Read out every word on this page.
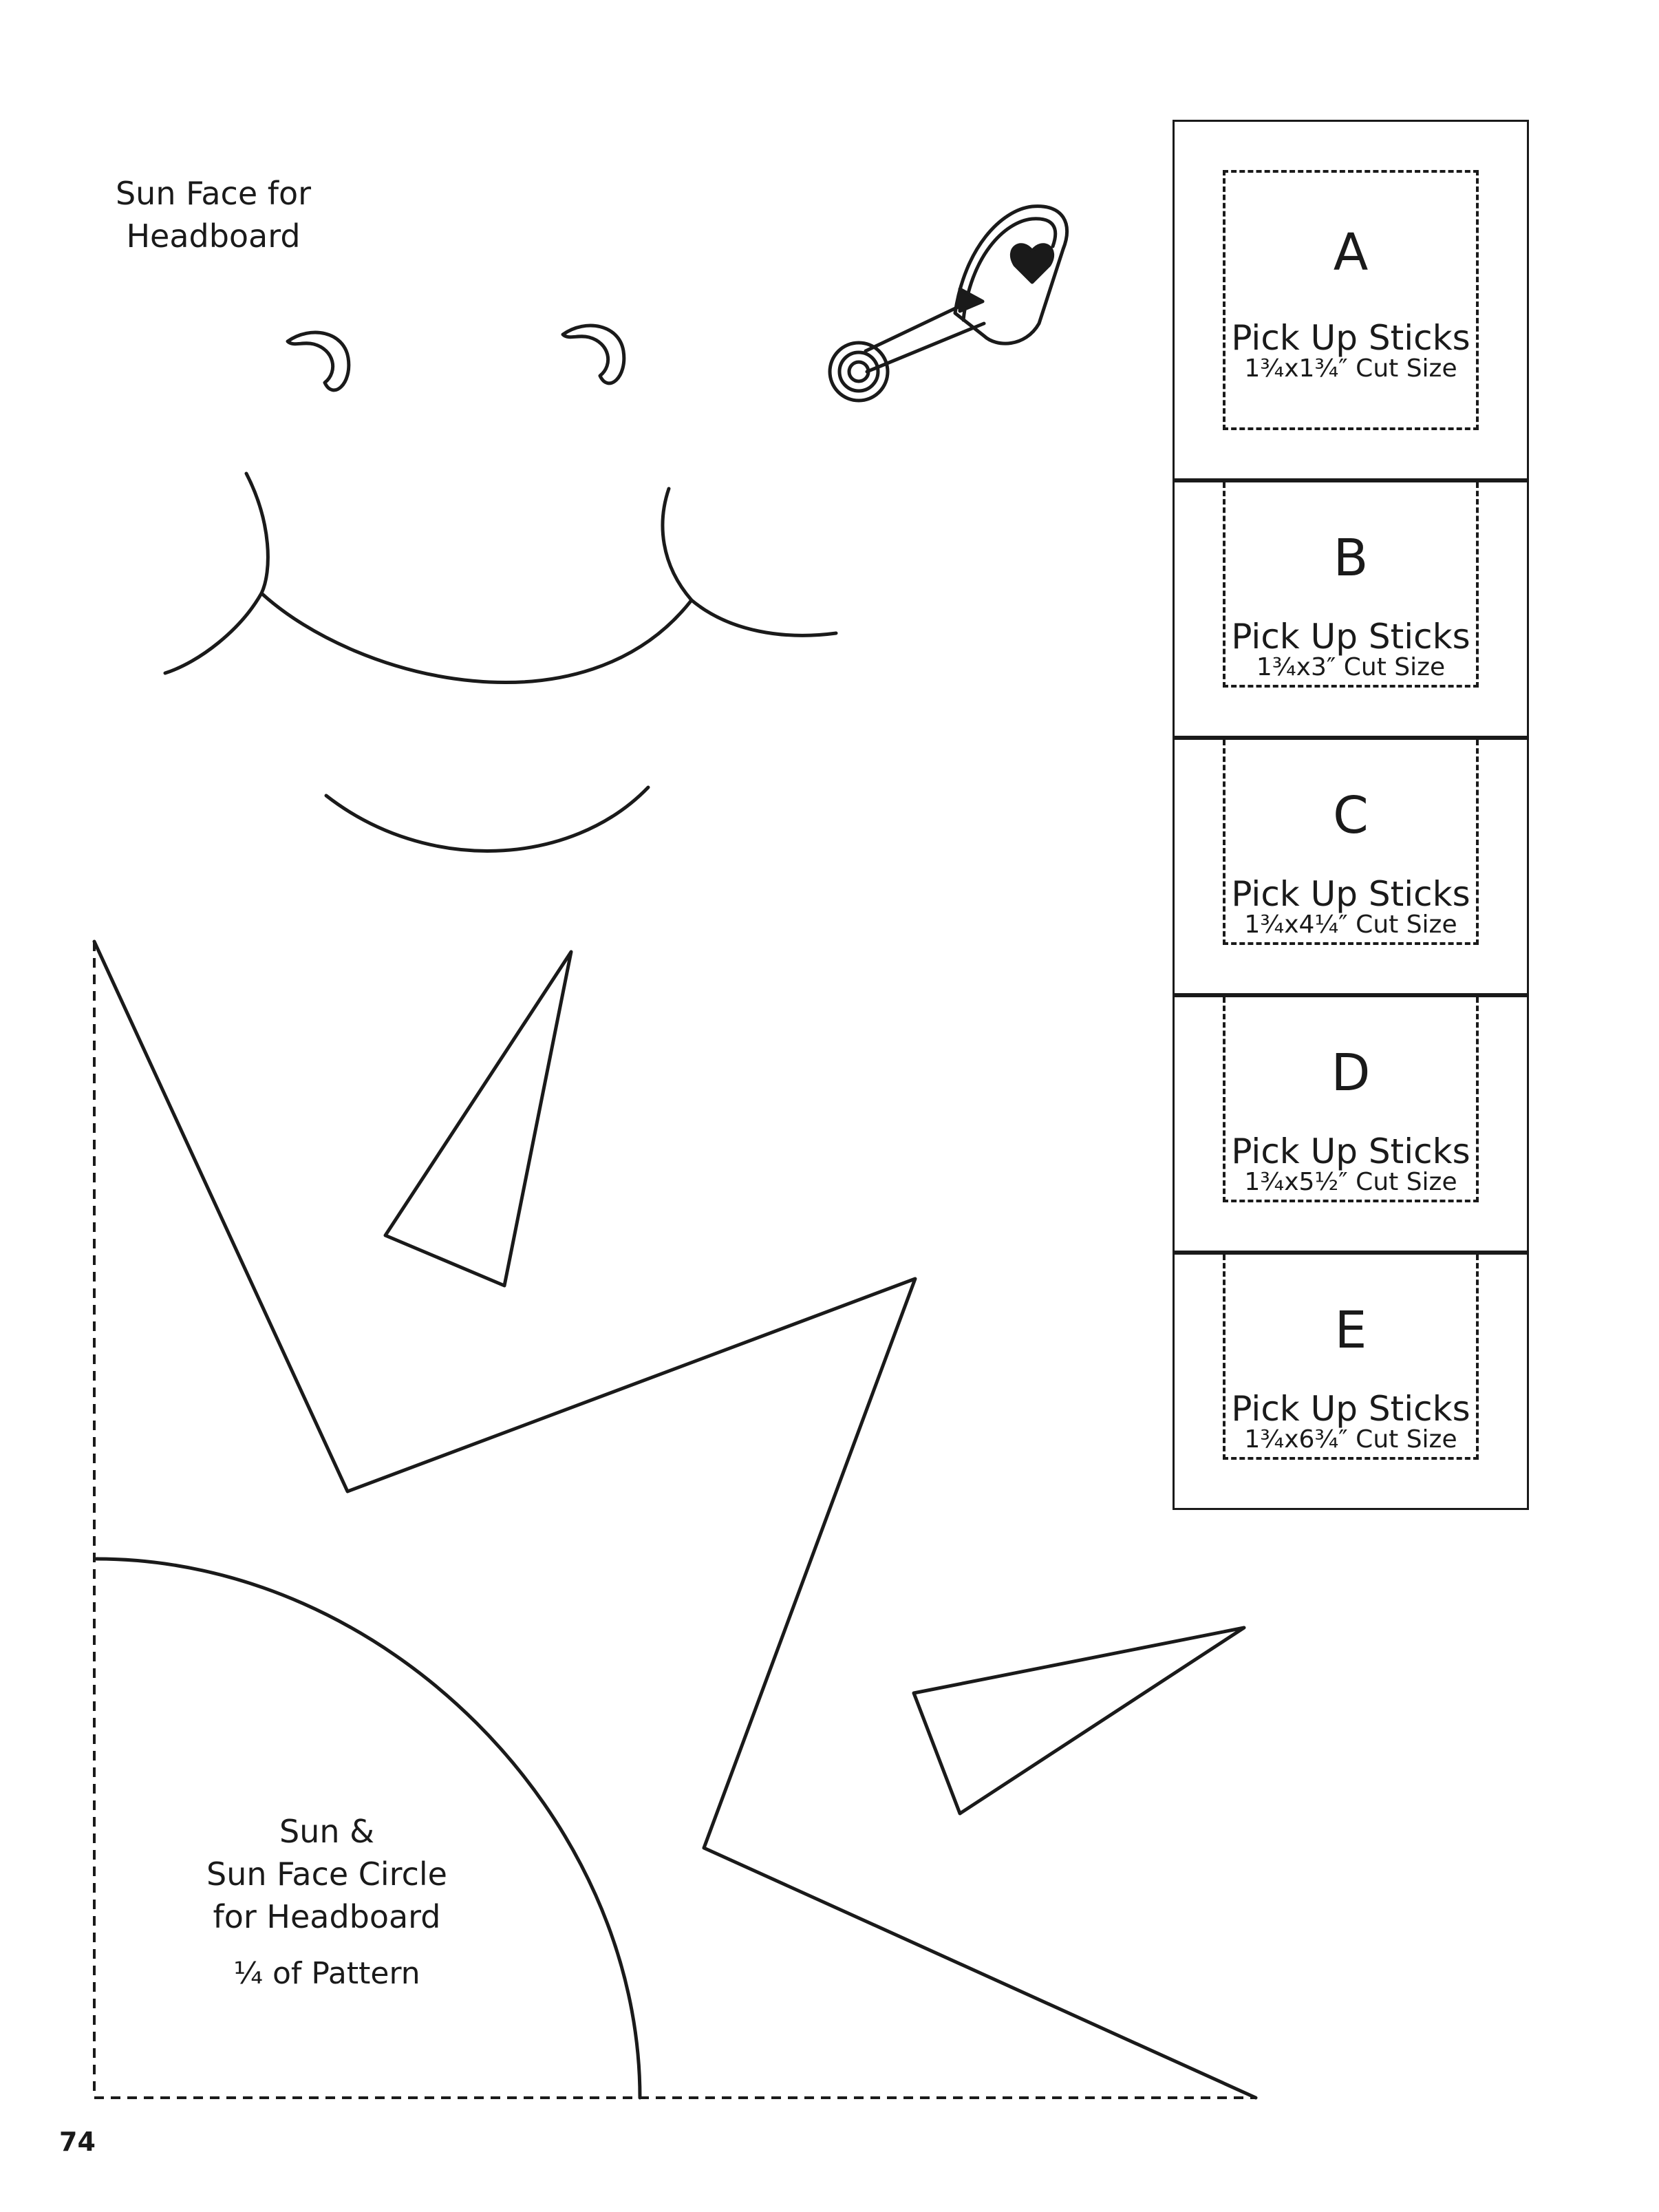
Sun Face for
Headboard
Sun &
Sun Face Circle
for Headboard
¼ of Pattern
A
Pick Up Sticks
1¾x1¾″ Cut Size
B
Pick Up Sticks
1¾x3″ Cut Size
C
Pick Up Sticks
1¾x4¼″ Cut Size
D
Pick Up Sticks
1¾x5½″ Cut Size
E
Pick Up Sticks
1¾x6¾″ Cut Size
74
